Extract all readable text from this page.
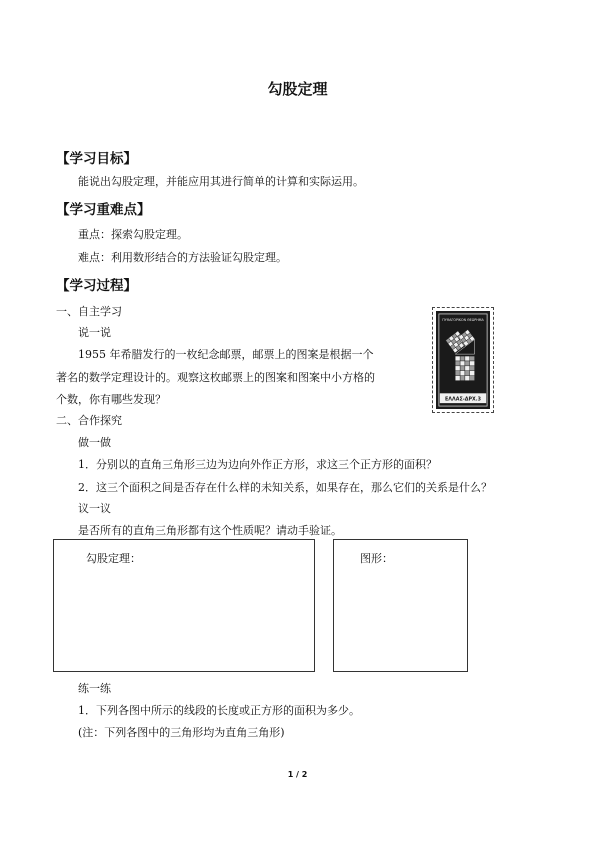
勾股定理
【学习目标】
能说出勾股定理，并能应用其进行简单的计算和实际运用。
【学习重难点】
重点：探索勾股定理。
难点：利用数形结合的方法验证勾股定理。
【学习过程】
一、自主学习
说一说
1955 年希腊发行的一枚纪念邮票，邮票上的图案是根据一个
著名的数学定理设计的。观察这枚邮票上的图案和图案中小方格的
个数，你有哪些发现？
ΠΥΘΑΓΟΡΙΚΟΝ ΘΕΩΡΗΜΑ
ΕΛΛΑΣ-ΔΡΧ.3
二、合作探究
做一做
1．分别以的直角三角形三边为边向外作正方形，求这三个正方形的面积？
2．这三个面积之间是否存在什么样的未知关系，如果存在，那么它们的关系是什么？
议一议
是否所有的直角三角形都有这个性质呢？请动手验证。
勾股定理：	图形：
练一练
1．下列各图中所示的线段的长度或正方形的面积为多少。
(注：下列各图中的三角形均为直角三角形)
1 / 2
